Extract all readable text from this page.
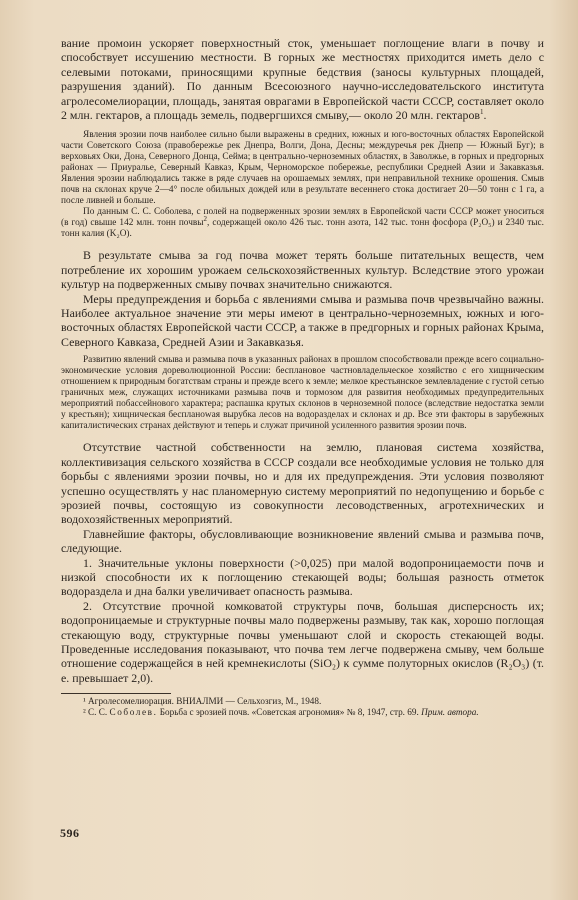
вание промоин ускоряет поверхностный сток, уменьшает поглощение влаги в почву и способствует иссушению местности. В горных же местностях приходится иметь дело с селевыми потоками, приносящими крупные бедствия (заносы культурных площадей, разрушения зданий). По данным Всесоюзного научно-исследовательского института агролесомелиорации, площадь, занятая оврагами в Европейской части СССР, составляет около 2 млн. гектаров, а площадь земель, подвергшихся смыву,— около 20 млн. гектаров$^1$.

Явления эрозии почв наиболее сильно были выражены в средних, южных и юго-восточных областях Европейской части Советского Союза (правобережье рек Днепра, Волги, Дона, Десны; междуречья рек Днепр — Южный Буг); в верховьях Оки, Дона, Северного Донца, Сейма; в центрально-черноземных областях, в Заволжье, в горных и предгорных районах — Приуралье, Северный Кавказ, Крым, Черноморское побережье, республики Средней Азии и Закавказья. Явления эрозии наблюдались также в ряде случаев на орошаемых землях, при неправильной технике орошения. Смыв почв на склонах круче 2—4° после обильных дождей или в результате весеннего стока достигает 20—50 тонн с 1 га, а после ливней и больше.

По данным С. С. Соболева, с полей на подверженных эрозии землях в Европейской части СССР может уноситься (в год) свыше 142 млн. тонн почвы$^2$, содержащей около 426 тыс. тонн азота, 142 тыс. тонн фосфора (P₂O₅) и 2340 тыс. тонн калия (K₂O).

В результате смыва за год почва может терять больше питательных веществ, чем потребление их хорошим урожаем сельскохозяйственных культур. Вследствие этого урожаи культур на подверженных смыву почвах значительно снижаются.

Меры предупреждения и борьба с явлениями смыва и размыва почв чрезвычайно важны. Наиболее актуальное значение эти меры имеют в центрально-черноземных, южных и юго-восточных областях Европейской части СССР, а также в предгорных и горных районах Крыма, Северного Кавказа, Средней Азии и Закавказья.

Развитию явлений смыва и размыва почв в указанных районах в прошлом способствовали прежде всего социально-экономические условия дореволюционной России: бесплановое частновладельческое хозяйство с его хищническим отношением к природным богатствам страны и прежде всего к земле; мелкое крестьянское землевладение с густой сетью граничных меж, служащих источниками размыва почв и тормозом для развития необходимых предупредительных мероприятий побассейнового характера; распашка крутых склонов в черноземной полосе (вследствие недостатка земли у крестьян); хищническая беспланowая вырубка лесов на водоразделах и склонах и др. Все эти факторы в зарубежных капиталистических странах действуют и теперь и служат причиной усиленного развития эрозии почв.

Отсутствие частной собственности на землю, плановая система хозяйства, коллективизация сельского хозяйства в СССР создали все необходимые условия не только для борьбы с явлениями эрозии почвы, но и для их предупреждения. Эти условия позволяют успешно осуществлять у нас планомерную систему мероприятий по недопущению и борьбе с эрозией почвы, состоящую из совокупности лесоводственных, агротехнических и водохозяйственных мероприятий.

Главнейшие факторы, обусловливающие возникновение явлений смыва и размыва почв, следующие.

1. Значительные уклоны поверхности (>0,025) при малой водопроницаемости почв и низкой способности их к поглощению стекающей воды; большая разность отметок водораздела и дна балки увеличивает опасность размыва.

2. Отсутствие прочной комковатой структуры почв, большая дисперсность их; водопроницаемые и структурные почвы мало подвержены размыву, так как, хорошо поглощая стекающую воду, структурные почвы уменьшают слой и скорость стекающей воды. Проведенные исследования показывают, что почва тем легче подвержена смыву, чем больше отношение содержащейся в ней кремнекислоты (SiO₂) к сумме полуторных окислов (R₂O₃) (т. е. превышает 2,0).

¹ Агролесомелиорация. ВНИАЛМИ — Сельхозгиз, М., 1948.

² С. С. Соболев. Борьба с эрозией почв. «Советская агрономия» № 8, 1947, стр. 69. Прим. автора.

596
